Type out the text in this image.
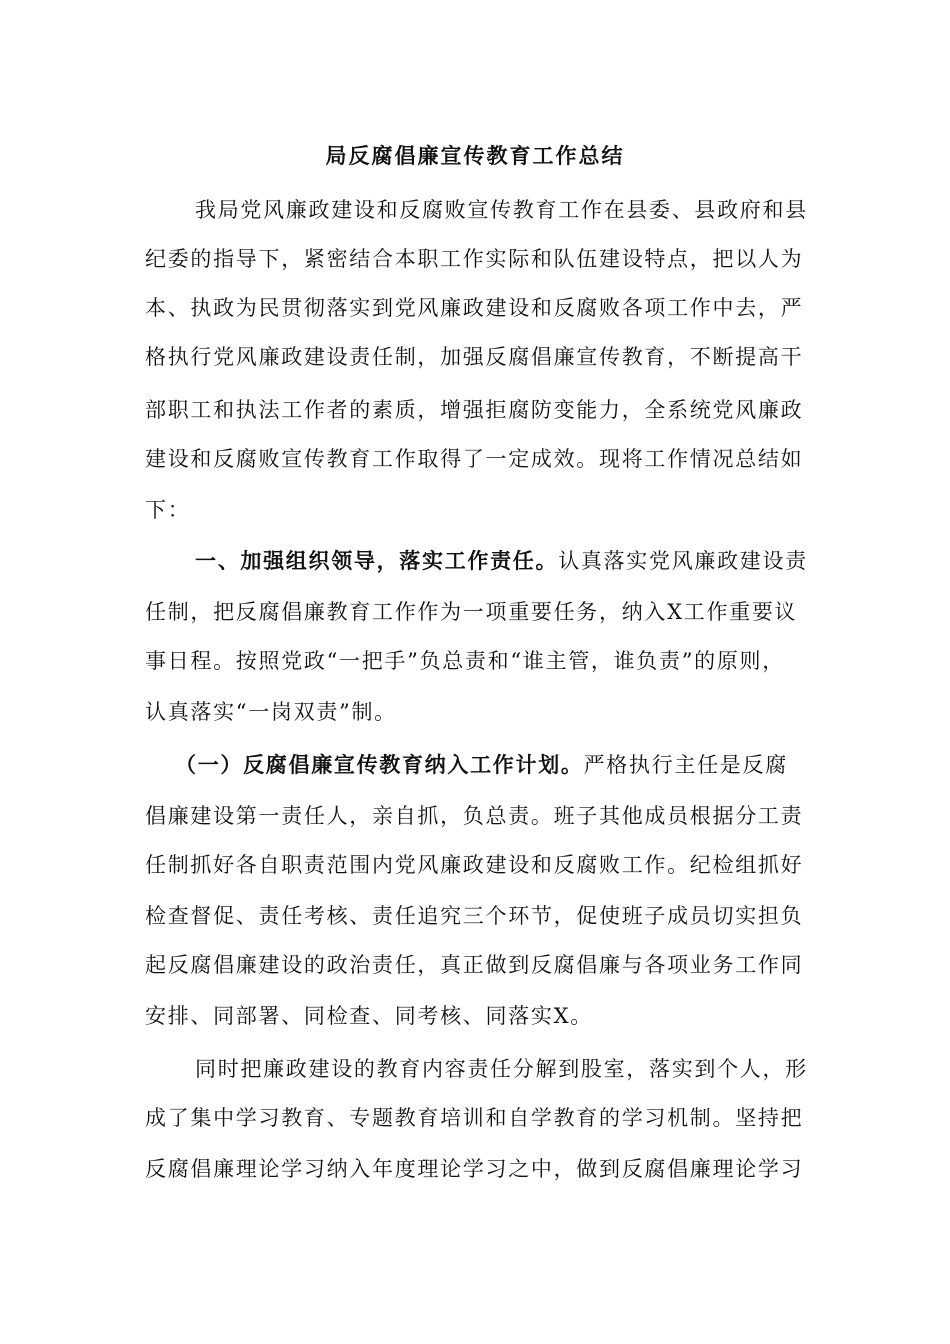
局反腐倡廉宣传教育工作总结
我局党风廉政建设和反腐败宣传教育工作在县委、县政府和县
纪委的指导下，紧密结合本职工作实际和队伍建设特点，把以人为
本、执政为民贯彻落实到党风廉政建设和反腐败各项工作中去，严
格执行党风廉政建设责任制，加强反腐倡廉宣传教育，不断提高干
部职工和执法工作者的素质，增强拒腐防变能力，全系统党风廉政
建设和反腐败宣传教育工作取得了一定成效。现将工作情况总结如
下：
一、加强组织领导，落实工作责任。认真落实党风廉政建设责
任制，把反腐倡廉教育工作作为一项重要任务，纳入X工作重要议
事日程。按照党政“一把手”负总责和“谁主管，谁负责”的原则，
认真落实“一岗双责”制。
（一）反腐倡廉宣传教育纳入工作计划。严格执行主任是反腐
倡廉建设第一责任人，亲自抓，负总责。班子其他成员根据分工责
任制抓好各自职责范围内党风廉政建设和反腐败工作。纪检组抓好
检查督促、责任考核、责任追究三个环节，促使班子成员切实担负
起反腐倡廉建设的政治责任，真正做到反腐倡廉与各项业务工作同
安排、同部署、同检查、同考核、同落实X。
同时把廉政建设的教育内容责任分解到股室，落实到个人，形
成了集中学习教育、专题教育培训和自学教育的学习机制。坚持把
反腐倡廉理论学习纳入年度理论学习之中，做到反腐倡廉理论学习
